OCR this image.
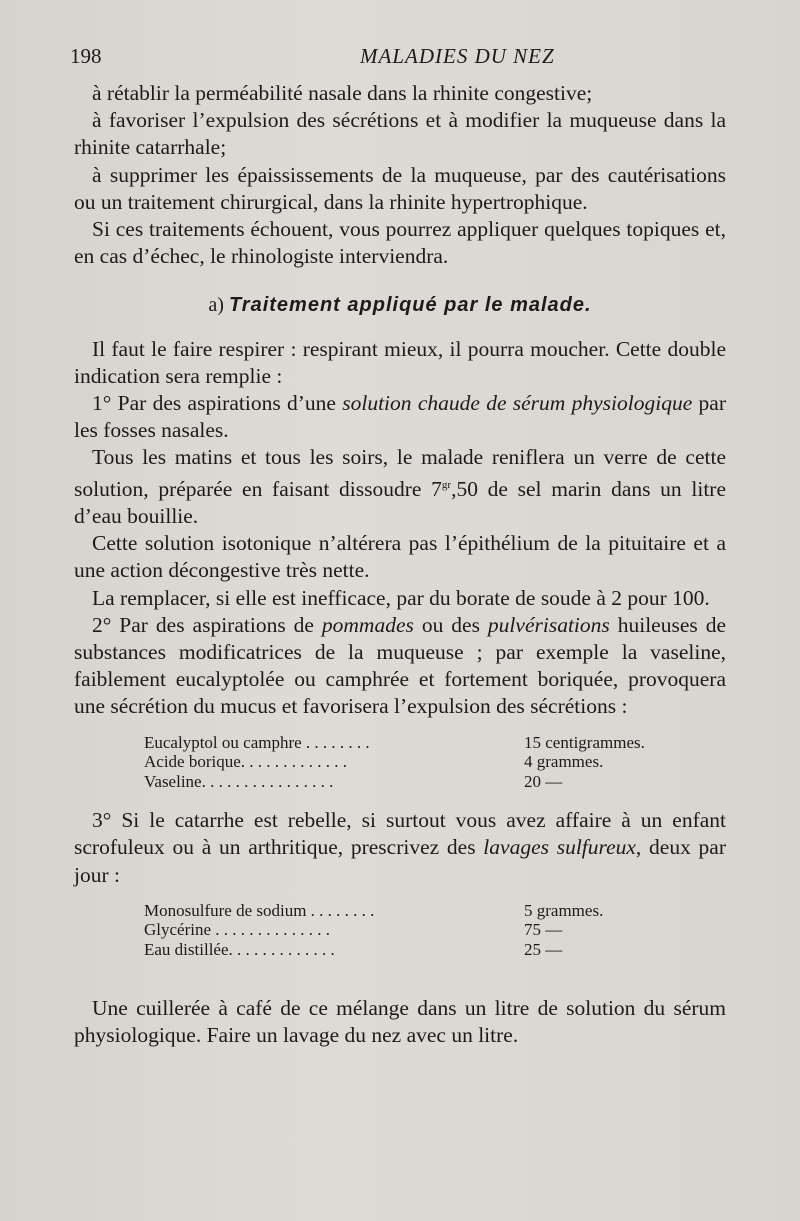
198	MALADIES DU NEZ

à rétablir la perméabilité nasale dans la rhinite congestive;

à favoriser l’expulsion des sécrétions et à modifier la muqueuse dans la rhinite catarrhale;

à supprimer les épaississements de la muqueuse, par des cautérisations ou un traitement chirurgical, dans la rhinite hypertrophique.

Si ces traitements échouent, vous pourrez appliquer quelques topiques et, en cas d’échec, le rhinologiste interviendra.

a) Traitement appliqué par le malade.

Il faut le faire respirer : respirant mieux, il pourra moucher. Cette double indication sera remplie :

1° Par des aspirations d’une solution chaude de sérum physiologique par les fosses nasales.

Tous les matins et tous les soirs, le malade reniflera un verre de cette solution, préparée en faisant dissoudre $7^{gr},50$ de sel marin dans un litre d’eau bouillie.

Cette solution isotonique n’altérera pas l’épithélium de la pituitaire et a une action décongestive très nette.

La remplacer, si elle est inefficace, par du borate de soude à 2 pour 100.

2° Par des aspirations de pommades ou des pulvérisations huileuses de substances modificatrices de la muqueuse ; par exemple la vaseline, faiblement eucalyptolée ou camphrée et fortement boriquée, provoquera une sécrétion du mucus et favorisera l’expulsion des sécrétions :

Eucalyptol ou camphre . . . . . . . .	15 centigrammes.
Acide borique. . . . . . . . . . . . .	4 grammes.
Vaseline. . . . . . . . . . . . . . . .	20 —

3° Si le catarrhe est rebelle, si surtout vous avez affaire à un enfant scrofuleux ou à un arthritique, prescrivez des lavages sulfureux, deux par jour :

Monosulfure de sodium . . . . . . . .	5 grammes.
Glycérine . . . . . . . . . . . . . .	75 —
Eau distillée. . . . . . . . . . . . .	25 —

Une cuillerée à café de ce mélange dans un litre de solution du sérum physiologique. Faire un lavage du nez avec un litre.
